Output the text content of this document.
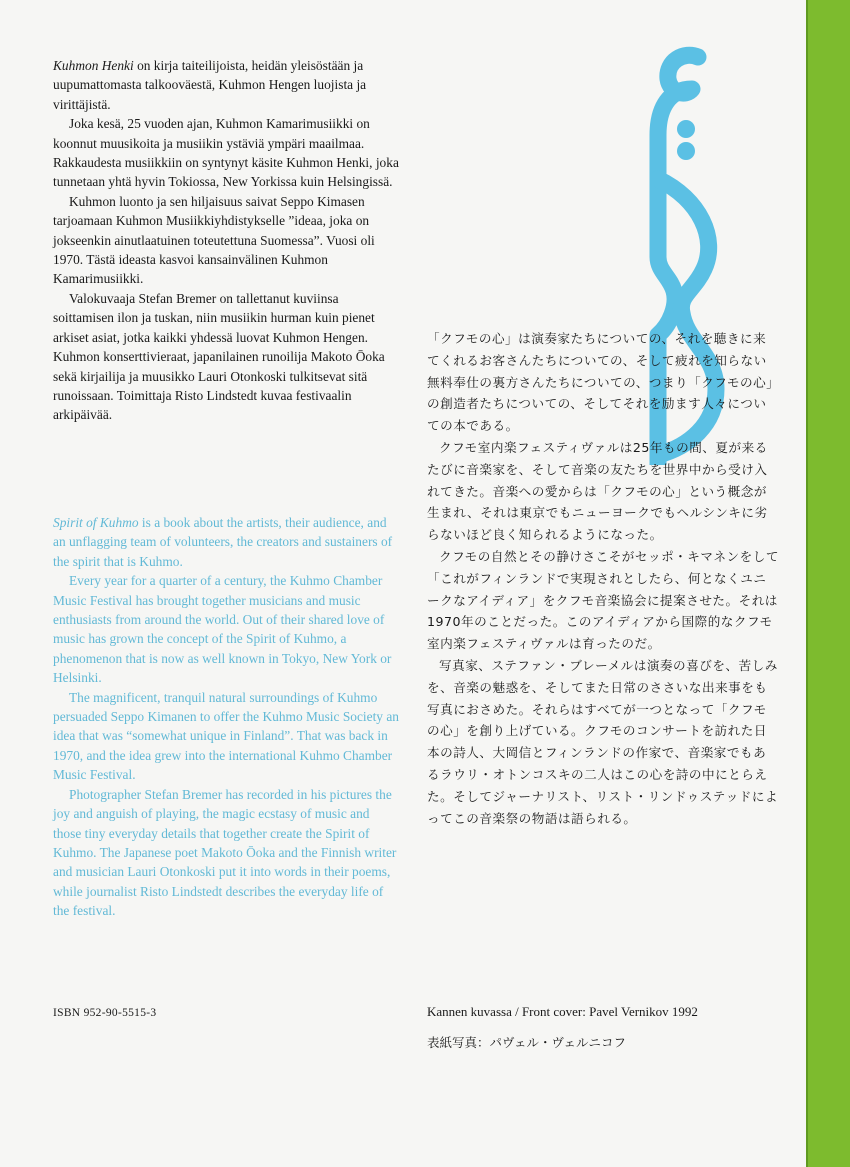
Kuhmon Henki on kirja taiteilijoista, heidän yleisöstään ja uupumattomasta talkooväestä, Kuhmon Hengen luojista ja virittäjistä.

Joka kesä, 25 vuoden ajan, Kuhmon Kamarimusiikki on koonnut muusikoita ja musiikin ystäviä ympäri maailmaa. Rakkaudesta musiikkiin on syntynyt käsite Kuhmon Henki, joka tunnetaan yhtä hyvin Tokiossa, New Yorkissa kuin Helsingissä.

Kuhmon luonto ja sen hiljaisuus saivat Seppo Kimasen tarjoamaan Kuhmon Musiikkiyhdistykselle ”ideaa, joka on jokseenkin ainutlaatuinen toteutettuna Suomessa”. Vuosi oli 1970. Tästä ideasta kasvoi kansainvälinen Kuhmon Kamarimusiikki.

Valokuvaaja Stefan Bremer on tallettanut kuviinsa soittamisen ilon ja tuskan, niin musiikin hurman kuin pienet arkiset asiat, jotka kaikki yhdessä luovat Kuhmon Hengen. Kuhmon konserttivieraat, japanilainen runoilija Makoto Ōoka sekä kirjailija ja muusikko Lauri Otonkoski tulkitsevat sitä runoissaan. Toimittaja Risto Lindstedt kuvaa festivaalin arkipäivää.

Spirit of Kuhmo is a book about the artists, their audience, and an unflagging team of volunteers, the creators and sustainers of the spirit that is Kuhmo.

Every year for a quarter of a century, the Kuhmo Chamber Music Festival has brought together musicians and music enthusiasts from around the world. Out of their shared love of music has grown the concept of the Spirit of Kuhmo, a phenomenon that is now as well known in Tokyo, New York or Helsinki.

The magnificent, tranquil natural surroundings of Kuhmo persuaded Seppo Kimanen to offer the Kuhmo Music Society an idea that was “somewhat unique in Finland”. That was back in 1970, and the idea grew into the international Kuhmo Chamber Music Festival.

Photographer Stefan Bremer has recorded in his pictures the joy and anguish of playing, the magic ecstasy of music and those tiny everyday details that together create the Spirit of Kuhmo. The Japanese poet Makoto Ōoka and the Finnish writer and musician Lauri Otonkoski put it into words in their poems, while journalist Risto Lindstedt describes the everyday life of the festival.

「クフモの心」は演奏家たちについての、それを聴きに来てくれるお客さんたちについての、そして疲れを知らない無料奉仕の裏方さんたちについての、つまり「クフモの心」の創造者たちについての、そしてそれを励ます人々についての本である。

クフモ室内楽フェスティヴァルは25年もの間、夏が来るたびに音楽家を、そして音楽の友たちを世界中から受け入れてきた。音楽への愛からは「クフモの心」という概念が生まれ、それは東京でもニューヨークでもヘルシンキに劣らないほど良く知られるようになった。

クフモの自然とその静けさこそがセッポ・キマネンをして「これがフィンランドで実現されとしたら、何となくユニークなアイディア」をクフモ音楽協会に提案させた。それは1970年のことだった。このアイディアから国際的なクフモ室内楽フェスティヴァルは育ったのだ。

写真家、ステファン・ブレーメルは演奏の喜びを、苦しみを、音楽の魅惑を、そしてまた日常のささいな出来事をも写真におさめた。それらはすべてが一つとなって「クフモの心」を創り上げている。クフモのコンサートを訪れた日本の詩人、大岡信とフィンランドの作家で、音楽家でもあるラウリ・オトンコスキの二人はこの心を詩の中にとらえた。そしてジャーナリスト、リスト・リンドゥステッドによってこの音楽祭の物語は語られる。

ISBN 952-90-5515-3	Kannen kuvassa / Front cover: Pavel Vernikov 1992
表紙写真：パヴェル・ヴェルニコフ
